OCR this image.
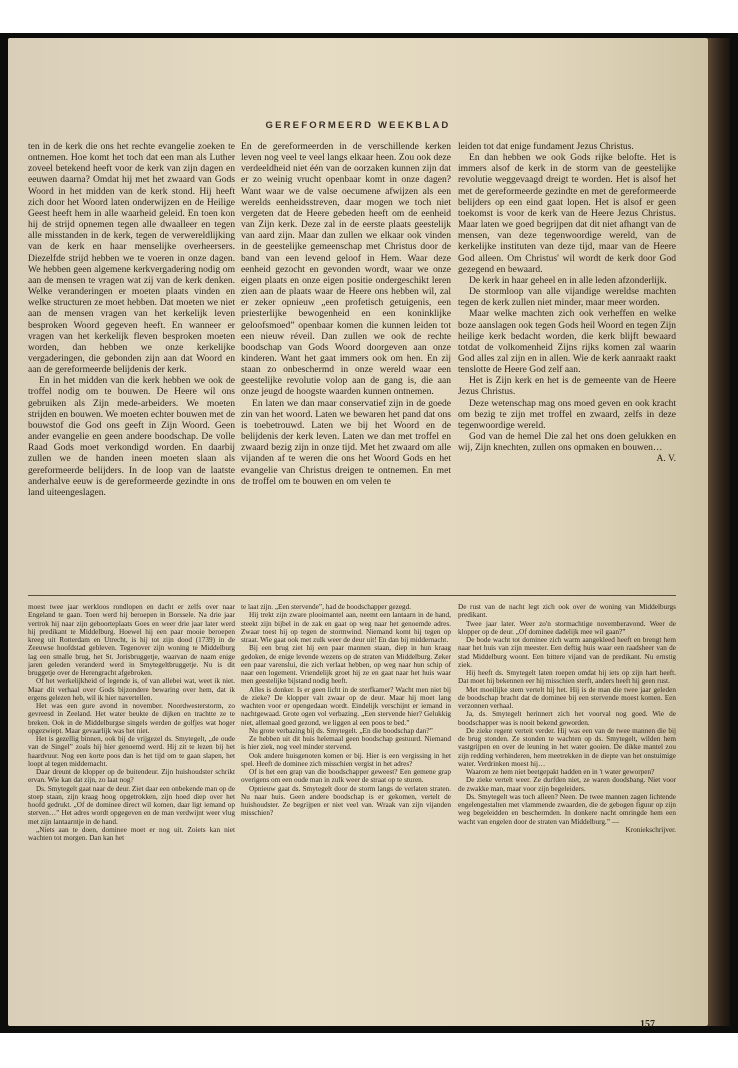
GEREFORMEERD WEEKBLAD

ten in de kerk die ons het rechte evangelie zoeken te ontnemen. Hoe komt het toch dat een man als Luther zoveel betekend heeft voor de kerk van zijn dagen en eeuwen daarna? Omdat hij met het zwaard van Gods Woord in het midden van de kerk stond. Hij heeft zich door het Woord laten onderwijzen en de Heilige Geest heeft hem in alle waarheid geleid. En toen kon hij de strijd opnemen tegen alle dwaalleer en tegen alle misstanden in de kerk, tegen de verwereldlijking van de kerk en haar menselijke overheersers. Diezelfde strijd hebben we te voeren in onze dagen. We hebben geen algemene kerkvergadering nodig om aan de mensen te vragen wat zij van de kerk denken. Welke veranderingen er moeten plaats vinden en welke structuren ze moet hebben. Dat moeten we niet aan de mensen vragen van het kerkelijk leven besproken Woord gegeven heeft. En wanneer er vragen van het kerkelijk fleven besproken moeten worden, dan hebben we onze kerkelijke vergaderingen, die gebonden zijn aan dat Woord en aan de gereformeerde belijdenis der kerk.

En in het midden van die kerk hebben we ook de troffel nodig om te bouwen. De Heere wil ons gebruiken als Zijn mede-arbeiders. We moeten strijden en bouwen. We moeten echter bouwen met de bouwstof die God ons geeft in Zijn Woord. Geen ander evangelie en geen andere boodschap. De volle Raad Gods moet verkondigd worden. En daarbij zullen we de handen ineen moeten slaan als gereformeerde belijders. In de loop van de laatste anderhalve eeuw is de gereformeerde gezindte in ons land uiteengeslagen.

En de gereformeerden in de verschillende kerken leven nog veel te veel langs elkaar heen. Zou ook deze verdeeldheid niet één van de oorzaken kunnen zijn dat er zo weinig vrucht openbaar komt in onze dagen? Want waar we de valse oecumene afwijzen als een werelds eenheidsstreven, daar mogen we toch niet vergeten dat de Heere gebeden heeft om de eenheid van Zijn kerk. Deze zal in de eerste plaats geestelijk van aard zijn. Maar dan zullen we elkaar ook vinden in de geestelijke gemeenschap met Christus door de band van een levend geloof in Hem. Waar deze eenheid gezocht en gevonden wordt, waar we onze eigen plaats en onze eigen positie ondergeschikt leren zien aan de plaats waar de Heere ons hebben wil, zal er zeker opnieuw „een profetisch getuigenis, een priesterlijke bewogenheid en een koninklijke geloofsmoed” openbaar komen die kunnen leiden tot een nieuw réveil. Dan zullen we ook de rechte boodschap van Gods Woord doorgeven aan onze kinderen. Want het gaat immers ook om hen. En zij staan zo onbeschermd in onze wereld waar een geestelijke revolutie volop aan de gang is, die aan onze jeugd de hoogste waarden kunnen ontnemen.

En laten we dan maar conservatief zijn in de goede zin van het woord. Laten we bewaren het pand dat ons is toebetrouwd. Laten we bij het Woord en de belijdenis der kerk leven. Laten we dan met troffel en zwaard bezig zijn in onze tijd. Met het zwaard om alle vijanden af te weren die ons het Woord Gods en het evangelie van Christus dreigen te ontnemen. En met de troffel om te bouwen en om velen te

leiden tot dat enige fundament Jezus Christus.

En dan hebben we ook Gods rijke belofte. Het is immers alsof de kerk in de storm van de geestelijke revolutie weggevaagd dreigt te worden. Het is alsof het met de gereformeerde gezindte en met de gereformeerde belijders op een eind gaat lopen. Het is alsof er geen toekomst is voor de kerk van de Heere Jezus Christus. Maar laten we goed begrijpen dat dit niet afhangt van de mensen, van deze tegenwoordige wereld, van de kerkelijke instituten van deze tijd, maar van de Heere God alleen. Om Christus' wil wordt de kerk door God gezegend en bewaard.

De kerk in haar geheel en in alle leden afzonderlijk.

De stormloop van alle vijandige wereldse machten tegen de kerk zullen niet minder, maar meer worden.

Maar welke machten zich ook verheffen en welke boze aanslagen ook tegen Gods heil Woord en tegen Zijn heilige kerk bedacht worden, die kerk blijft bewaard totdat de volkomenheid Zijns rijks komen zal waarin God alles zal zijn en in allen. Wie de kerk aanraakt raakt tenslotte de Heere God zelf aan.

Het is Zijn kerk en het is de gemeente van de Heere Jezus Christus.

Deze wetenschap mag ons moed geven en ook kracht om bezig te zijn met troffel en zwaard, zelfs in deze tegenwoordige wereld.

God van de hemel Die zal het ons doen gelukken en wij, Zijn knechten, zullen ons opmaken en bouwen…

A. V.

moest twee jaar werkloos rondlopen en dacht er zelfs over naar Engeland te gaan. Toen werd hij beroepen in Borssele. Na drie jaar vertrok hij naar zijn geboorteplaats Goes en weer drie jaar later werd hij predikant te Middelburg. Hoewel hij een paar mooie beroepen kreeg uit Rotterdam en Utrecht, is hij tot zijn dood (1739) in de Zeeuwse hoofdstad gebleven. Tegenover zijn woning te Middelburg lag een smalle brug, het St. Jorisbruggetje, waarvan de naam enige jaren geleden veranderd werd in Smytegeltbruggetje. Nu is dit bruggetje over de Herengracht afgebroken.

Of het werkelijkheid of legende is, of van allebei wat, weet ik niet. Maar dit verhaal over Gods bijzondere bewaring over hem, dat ik ergens gelezen heb, wil ik hier navertellen.

Het was een gure avond in november. Noordwesterstorm, zo gevreesd in Zeeland. Het water beukte de dijken en trachtte ze te breken. Ook in de Middelburgse singels werden de golfjes wat hoger opgezwiept. Maar gevaarlijk was het niet.

Het is gezellig binnen, ook bij de vrijgezel ds. Smytegelt, „de oude van de Singel” zoals hij hier genoemd werd. Hij zit te lezen bij het haardvuur. Nog een korte poos dan is het tijd om te gaan slapen, het loopt al tegen middernacht.

Daar dreunt de klopper op de buitendeur. Zijn huishoudster schrikt ervan. Wie kan dat zijn, zo laat nog?

Ds. Smytegelt gaat naar de deur. Ziet daar een onbekende man op de stoep staan, zijn kraag hoog opgetrokken, zijn hoed diep over het hoofd gedrukt. „Of de dominee direct wil komen, daar ligt iemand op sterven…” Het adres wordt opgegeven en de man verdwijnt weer vlug met zijn lantaarntje in de hand.

„Niets aan te doen, dominee moet er nog uit. Zoiets kan niet wachten tot morgen. Dan kan het

te laat zijn. „Een stervende”, had de boodschapper gezegd.

Hij trekt zijn zware plooimantel aan, neemt een lantaarn in de hand, steekt zijn bijbel in de zak en gaat op weg naar het genoemde adres. Zwaar toest hij op tegen de stormwind. Niemand komt hij tegen op straat. Wie gaat ook met zulk weer de deur uit! En dan bij middernacht.

Bij een brug ziet hij een paar mannen staan, diep in hun kraag gedoken, de enige levende wezens op de straten van Middelburg. Zeker een paar varenslui, die zich verlaat hebben, op weg naar hun schip of naar een logement. Vriendelijk groet hij ze en gaat naar het huis waar men geestelijke bijstand nodig heeft.

Alles is donker. Is er geen licht in de sterfkamer? Wacht men niet bij de zieke? De klopper valt zwaar op de deur. Maar hij moet lang wachten voor er opengedaan wordt. Eindelijk verschijnt er iemand in nachtgewaad. Grote ogen vol verbazing. „Een stervende hier? Gelukkig niet, allemaal goed gezond, we liggen al een poos te bed.”

Nu grote verbazing bij ds. Smytegelt. „En die boodschap dan?”

Ze hebben uit dit huis helemaal geen boodschap gestuurd. Niemand is hier ziek, nog veel minder stervend.

Ook andere huisgenoten komen er bij. Hier is een vergissing in het spel. Heeft de dominee zich misschien vergist in het adres?

Of is het een grap van die boodschapper geweest? Een gemene grap overigens om een oude man in zulk weer de straat op te sturen.

Opnieuw gaat ds. Smytegelt door de storm langs de verlaten straten. Nu naar huis. Geen andere boodschap is er gekomen, vertelt de huishoudster. Ze begrijpen er niet veel van. Wraak van zijn vijanden misschien?

De rust van de nacht legt zich ook over de woning van Middelburgs predikant.

Twee jaar later. Weer zo'n stormachtige novemberavond. Weer de klopper op de deur. „Of dominee dadelijk mee wil gaan?”

De bode wacht tot dominee zich warm aangekleed heeft en brengt hem naar het huis van zijn meester. Een deftig huis waar een raadsheer van de stad Middelburg woont. Een bittere vijand van de predikant. Nu ernstig ziek.

Hij heeft ds. Smytegelt laten roepen omdat hij iets op zijn hart heeft. Dat moet hij bekennen eer hij misschien sterft, anders heeft hij geen rust.

Met moeilijke stem vertelt hij het. Hij is de man die twee jaar geleden de boodschap bracht dat de dominee bij een stervende moest komen. Een verzonnen verhaal.

Ja, ds. Smytegelt herinnert zich het voorval nog goed. Wie de boodschapper was is nooit bekend geworden.

De zieke regent verteit verder. Hij was een van de twee mannen die bij de brug stonden. Ze stonden te wachten op ds. Smytegelt, wilden hem vastgrijpen en over de leuning in het water gooien. De dikke mantel zou zijn redding verhinderen, hem meetrekken in de diepte van het onstuimige water. Verdrinken moest hij…

Waarom ze hem niet beetgepakt hadden en in 't water geworpen?

De zieke vertelt weer. Ze durfden niet, ze waren doodsbang. Niet voor de zwakke man, maar voor zijn begeleiders.

Ds. Smytegelt was toch alleen? Neen. De twee mannen zagen lichtende engelengestalten met vlammende zwaarden, die de gebogen figuur op zijn weg begeleidden en beschermden. In donkere nacht omringde hem een wacht van engelen door de straten van Middelburg.” —

Kroniekschrijver.

157
